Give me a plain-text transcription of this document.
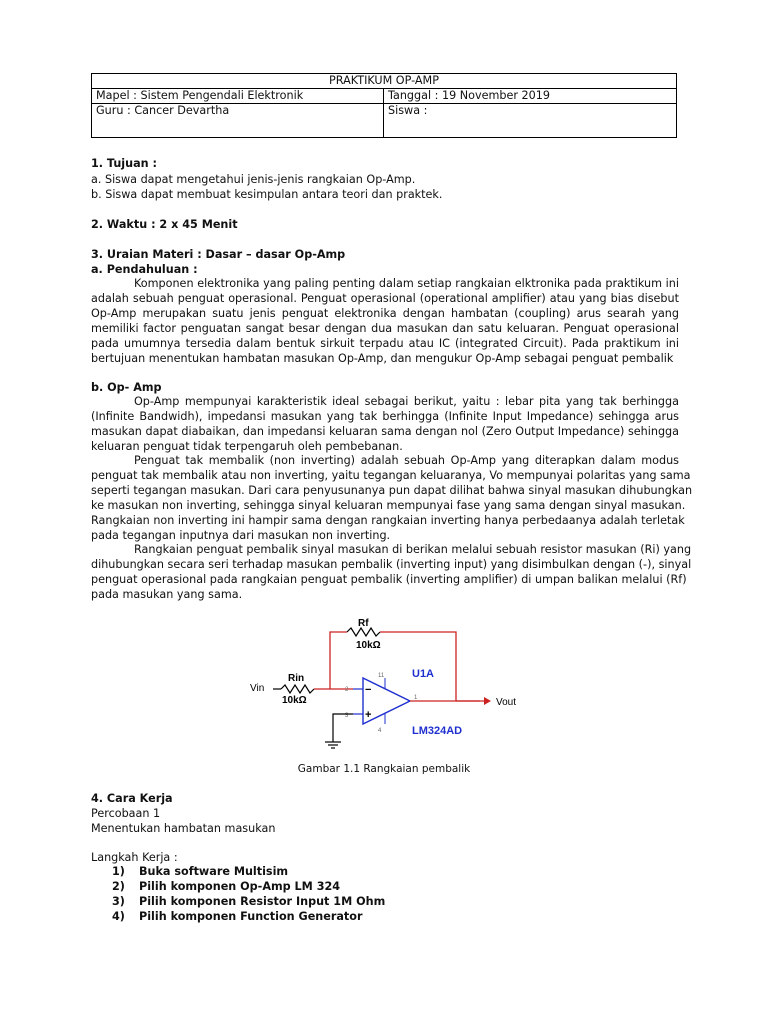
PRAKTIKUM OP-AMP	
Mapel : Sistem Pengendali Elektronik	Tanggal : 19 November 2019
Guru : Cancer Devartha	Siswa :
1. Tujuan :
a. Siswa dapat mengetahui jenis-jenis rangkaian Op-Amp.
b. Siswa dapat membuat kesimpulan antara teori dan praktek.
2. Waktu : 2 x 45 Menit
3. Uraian Materi : Dasar – dasar Op-Amp
a. Pendahuluan :
Komponen elektronika yang paling penting dalam setiap rangkaian elktronika pada praktikum ini
adalah sebuah penguat operasional. Penguat operasional (operational amplifier) atau yang bias disebut
Op-Amp merupakan suatu jenis penguat elektronika dengan hambatan (coupling) arus searah yang
memiliki factor penguatan sangat besar dengan dua masukan dan satu keluaran. Penguat operasional
pada umumnya tersedia dalam bentuk sirkuit terpadu atau IC (integrated Circuit). Pada praktikum ini
bertujuan menentukan hambatan masukan Op-Amp, dan mengukur Op-Amp sebagai penguat pembalik
b. Op- Amp
Op-Amp mempunyai karakteristik ideal sebagai berikut, yaitu : lebar pita yang tak berhingga
(Infinite Bandwidh), impedansi masukan yang tak berhingga (Infinite Input Impedance) sehingga arus
masukan dapat diabaikan, dan impedansi keluaran sama dengan nol (Zero Output Impedance) sehingga
keluaran penguat tidak terpengaruh oleh pembebanan.
Penguat tak membalik (non inverting) adalah sebuah Op-Amp yang diterapkan dalam modus
penguat tak membalik atau non inverting, yaitu tegangan keluaranya, Vo mempunyai polaritas yang sama
seperti tegangan masukan. Dari cara penyusunanya pun dapat dilihat bahwa sinyal masukan dihubungkan
ke masukan non inverting, sehingga sinyal keluaran mempunyai fase yang sama dengan sinyal masukan.
Rangkaian non inverting ini hampir sama dengan rangkaian inverting hanya perbedaanya adalah terletak
pada tegangan inputnya dari masukan non inverting.
Rangkaian penguat pembalik sinyal masukan di berikan melalui sebuah resistor masukan (Ri) yang
dihubungkan secara seri terhadap masukan pembalik (inverting input) yang disimbulkan dengan (-), sinyal
penguat operasional pada rangkaian penguat pembalik (inverting amplifier) di umpan balikan melalui (Rf)
pada masukan yang sama.
Rf
10kΩ
Vin
Rin
10kΩ
−
+
11
2
3
4
1
U1A
LM324AD
Vout
Gambar 1.1 Rangkaian pembalik
4. Cara Kerja
Percobaan 1
Menentukan hambatan masukan
Langkah Kerja :
1) Buka software Multisim
2) Pilih komponen Op-Amp LM 324
3) Pilih komponen Resistor Input 1M Ohm
4) Pilih komponen Function Generator
